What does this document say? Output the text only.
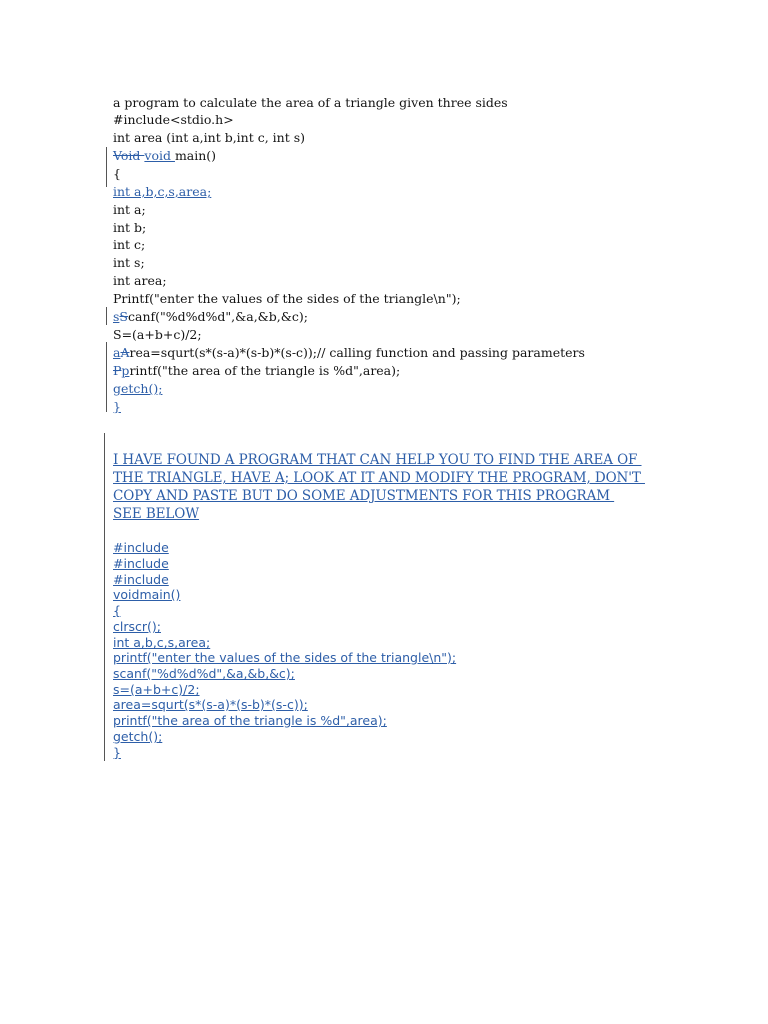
a program to calculate the area of a triangle given three sides
#include<stdio.h>
int area (int a,int b,int c, int s)
Void void main()
{
int a,b,c,s,area;
int a;
int b;
int c;
int s;
int area;
Printf("enter the values of the sides of the triangle\n");
sScanf("%d%d%d",&a,&b,&c);
S=(a+b+c)/2;
aArea=squrt(s*(s-a)*(s-b)*(s-c));// calling function and passing parameters
Pprintf("the area of the triangle is %d",area);
getch();
}
I HAVE FOUND A PROGRAM THAT CAN HELP YOU TO FIND THE AREA OF
THE TRIANGLE, HAVE A; LOOK AT IT AND MODIFY THE PROGRAM, DON'T
COPY AND PASTE BUT DO SOME ADJUSTMENTS FOR THIS PROGRAM
SEE BELOW
#include
#include
#include
voidmain()
{
clrscr();
int a,b,c,s,area;
printf("enter the values of the sides of the triangle\n");
scanf("%d%d%d",&a,&b,&c);
s=(a+b+c)/2;
area=squrt(s*(s-a)*(s-b)*(s-c));
printf("the area of the triangle is %d",area);
getch();
}
